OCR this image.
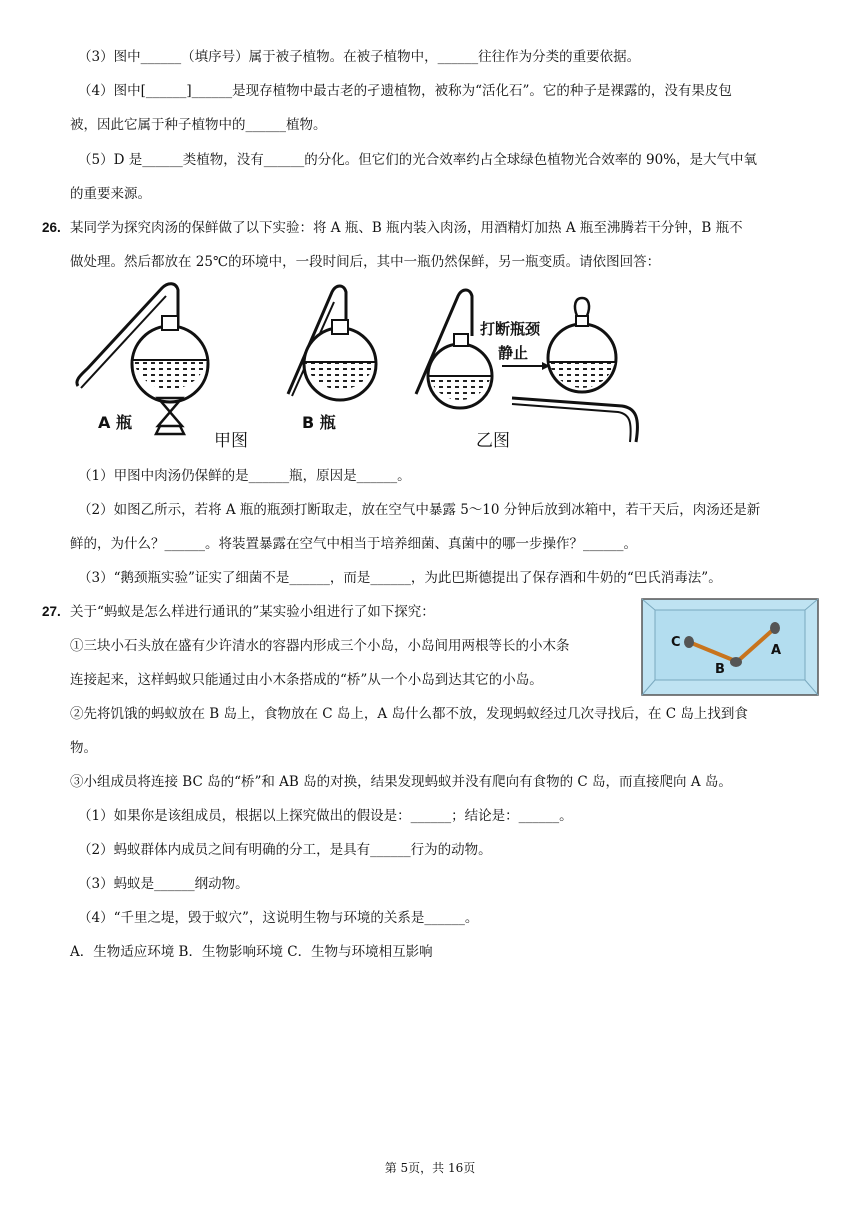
（3）图中______（填序号）属于被子植物。在被子植物中，______往往作为分类的重要依据。
（4）图中[______]______是现存植物中最古老的孑遗植物，被称为“活化石”。它的种子是裸露的，没有果皮包
被，因此它属于种子植物中的______植物。
（5）D 是______类植物，没有______的分化。但它们的光合效率约占全球绿色植物光合效率的 90%，是大气中氧
的重要来源。
26. 某同学为探究肉汤的保鲜做了以下实验：将 A 瓶、B 瓶内装入肉汤，用酒精灯加热 A 瓶至沸腾若干分钟，B 瓶不
做处理。然后都放在 25℃的环境中，一段时间后，其中一瓶仍然保鲜，另一瓶变质。请依图回答：
A 瓶	B 瓶
甲图	乙图
打断瓶颈
静止
（1）甲图中肉汤仍保鲜的是______瓶，原因是______。
（2）如图乙所示，若将 A 瓶的瓶颈打断取走，放在空气中暴露 5～10 分钟后放到冰箱中，若干天后，肉汤还是新
鲜的，为什么？______。将装置暴露在空气中相当于培养细菌、真菌中的哪一步操作？______。
（3）“鹅颈瓶实验”证实了细菌不是______，而是______，为此巴斯德提出了保存酒和牛奶的“巴氏消毒法”。
27. 关于“蚂蚁是怎么样进行通讯的”某实验小组进行了如下探究：
①三块小石头放在盛有少许清水的容器内形成三个小岛，小岛间用两根等长的小木条
连接起来，这样蚂蚁只能通过由小木条搭成的“桥”从一个小岛到达其它的小岛。
C
B
A
②先将饥饿的蚂蚁放在 B 岛上，食物放在 C 岛上，A 岛什么都不放，发现蚂蚁经过几次寻找后，在 C 岛上找到食
物。
③小组成员将连接 BC 岛的“桥”和 AB 岛的对换，结果发现蚂蚁并没有爬向有食物的 C 岛，而直接爬向 A 岛。
（1）如果你是该组成员，根据以上探究做出的假设是：______；结论是：______。
（2）蚂蚁群体内成员之间有明确的分工，是具有______行为的动物。
（3）蚂蚁是______纲动物。
（4）“千里之堤，毁于蚁穴”，这说明生物与环境的关系是______。
A．生物适应环境 B．生物影响环境 C．生物与环境相互影响
第 5页，共 16页
